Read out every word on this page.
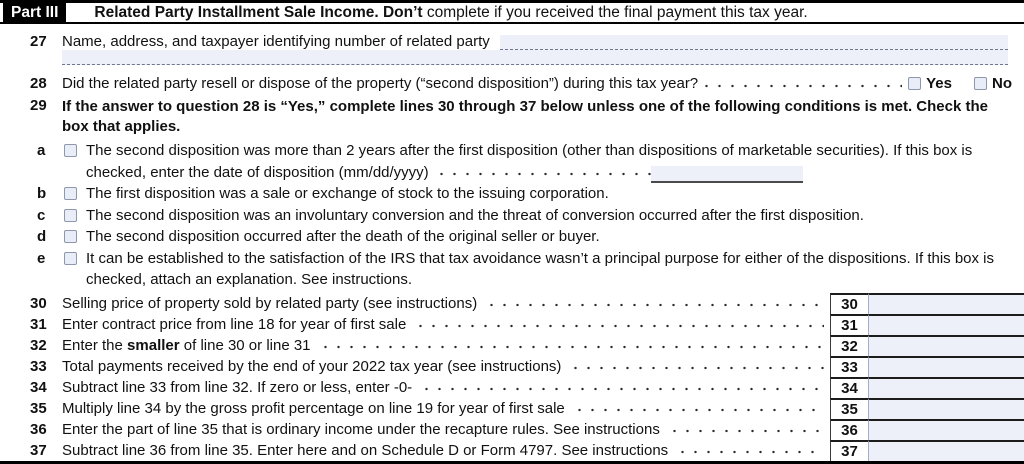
Part III	Related Party Installment Sale Income. Don’t complete if you received the final payment this tax year.
27	Name, address, and taxpayer identifying number of related party
28	Did the related party resell or dispose of the property (“second disposition”) during this tax year?	Yes	No
29	If the answer to question 28 is “Yes,” complete lines 30 through 37 below unless one of the following conditions is met. Check the box that applies.
a	The second disposition was more than 2 years after the first disposition (other than dispositions of marketable securities). If this box is checked, enter the date of disposition (mm/dd/yyyy)
b	The first disposition was a sale or exchange of stock to the issuing corporation.
c	The second disposition was an involuntary conversion and the threat of conversion occurred after the first disposition.
d	The second disposition occurred after the death of the original seller or buyer.
e	It can be established to the satisfaction of the IRS that tax avoidance wasn’t a principal purpose for either of the dispositions. If this box is checked, attach an explanation. See instructions.
30	Selling price of property sold by related party (see instructions)	30
31	Enter contract price from line 18 for year of first sale	31
32	Enter the smaller of line 30 or line 31	32
33	Total payments received by the end of your 2022 tax year (see instructions)	33
34	Subtract line 33 from line 32. If zero or less, enter -0-	34
35	Multiply line 34 by the gross profit percentage on line 19 for year of first sale	35
36	Enter the part of line 35 that is ordinary income under the recapture rules. See instructions	36
37	Subtract line 36 from line 35. Enter here and on Schedule D or Form 4797. See instructions	37
